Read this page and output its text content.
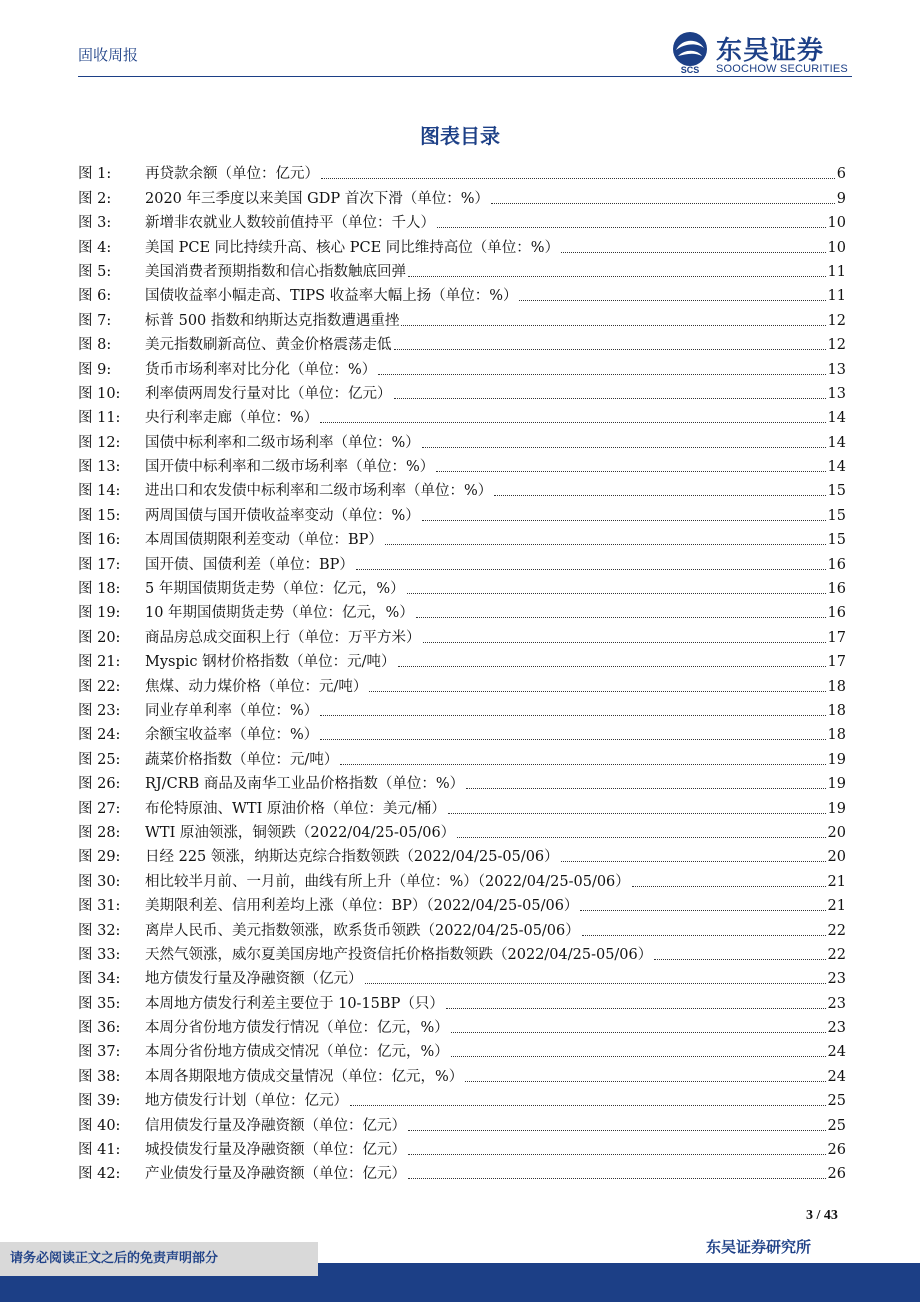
固收周报
SCS
东吴证券
SOOCHOW SECURITIES
图表目录
图 1:	再贷款余额（单位：亿元）	6
图 2:	2020 年三季度以来美国 GDP 首次下滑（单位：%）	9
图 3:	新增非农就业人数较前值持平（单位：千人）	10
图 4:	美国 PCE 同比持续升高、核心 PCE 同比维持高位（单位：%）	10
图 5:	美国消费者预期指数和信心指数触底回弹	11
图 6:	国债收益率小幅走高、TIPS 收益率大幅上扬（单位：%）	11
图 7:	标普 500 指数和纳斯达克指数遭遇重挫	12
图 8:	美元指数刷新高位、黄金价格震荡走低	12
图 9:	货币市场利率对比分化（单位：%）	13
图 10:	利率债两周发行量对比（单位：亿元）	13
图 11:	央行利率走廊（单位：%）	14
图 12:	国债中标利率和二级市场利率（单位：%）	14
图 13:	国开债中标利率和二级市场利率（单位：%）	14
图 14:	进出口和农发债中标利率和二级市场利率（单位：%）	15
图 15:	两周国债与国开债收益率变动（单位：%）	15
图 16:	本周国债期限利差变动（单位：BP）	15
图 17:	国开债、国债利差（单位：BP）	16
图 18:	5 年期国债期货走势（单位：亿元，%）	16
图 19:	10 年期国债期货走势（单位：亿元，%）	16
图 20:	商品房总成交面积上行（单位：万平方米）	17
图 21:	Myspic 钢材价格指数（单位：元/吨）	17
图 22:	焦煤、动力煤价格（单位：元/吨）	18
图 23:	同业存单利率（单位：%）	18
图 24:	余额宝收益率（单位：%）	18
图 25:	蔬菜价格指数（单位：元/吨）	19
图 26:	RJ/CRB 商品及南华工业品价格指数（单位：%）	19
图 27:	布伦特原油、WTI 原油价格（单位：美元/桶）	19
图 28:	WTI 原油领涨，铜领跌（2022/04/25-05/06）	20
图 29:	日经 225 领涨，纳斯达克综合指数领跌（2022/04/25-05/06）	20
图 30:	相比较半月前、一月前，曲线有所上升（单位：%）（2022/04/25-05/06）	21
图 31:	美期限利差、信用利差均上涨（单位：BP）（2022/04/25-05/06）	21
图 32:	离岸人民币、美元指数领涨，欧系货币领跌（2022/04/25-05/06）	22
图 33:	天然气领涨，威尔夏美国房地产投资信托价格指数领跌（2022/04/25-05/06）	22
图 34:	地方债发行量及净融资额（亿元）	23
图 35:	本周地方债发行利差主要位于 10-15BP（只）	23
图 36:	本周分省份地方债发行情况（单位：亿元，%）	23
图 37:	本周分省份地方债成交情况（单位：亿元，%）	24
图 38:	本周各期限地方债成交量情况（单位：亿元，%）	24
图 39:	地方债发行计划（单位：亿元）	25
图 40:	信用债发行量及净融资额（单位：亿元）	25
图 41:	城投债发行量及净融资额（单位：亿元）	26
图 42:	产业债发行量及净融资额（单位：亿元）	26
3 / 43
请务必阅读正文之后的免责声明部分
东吴证券研究所
